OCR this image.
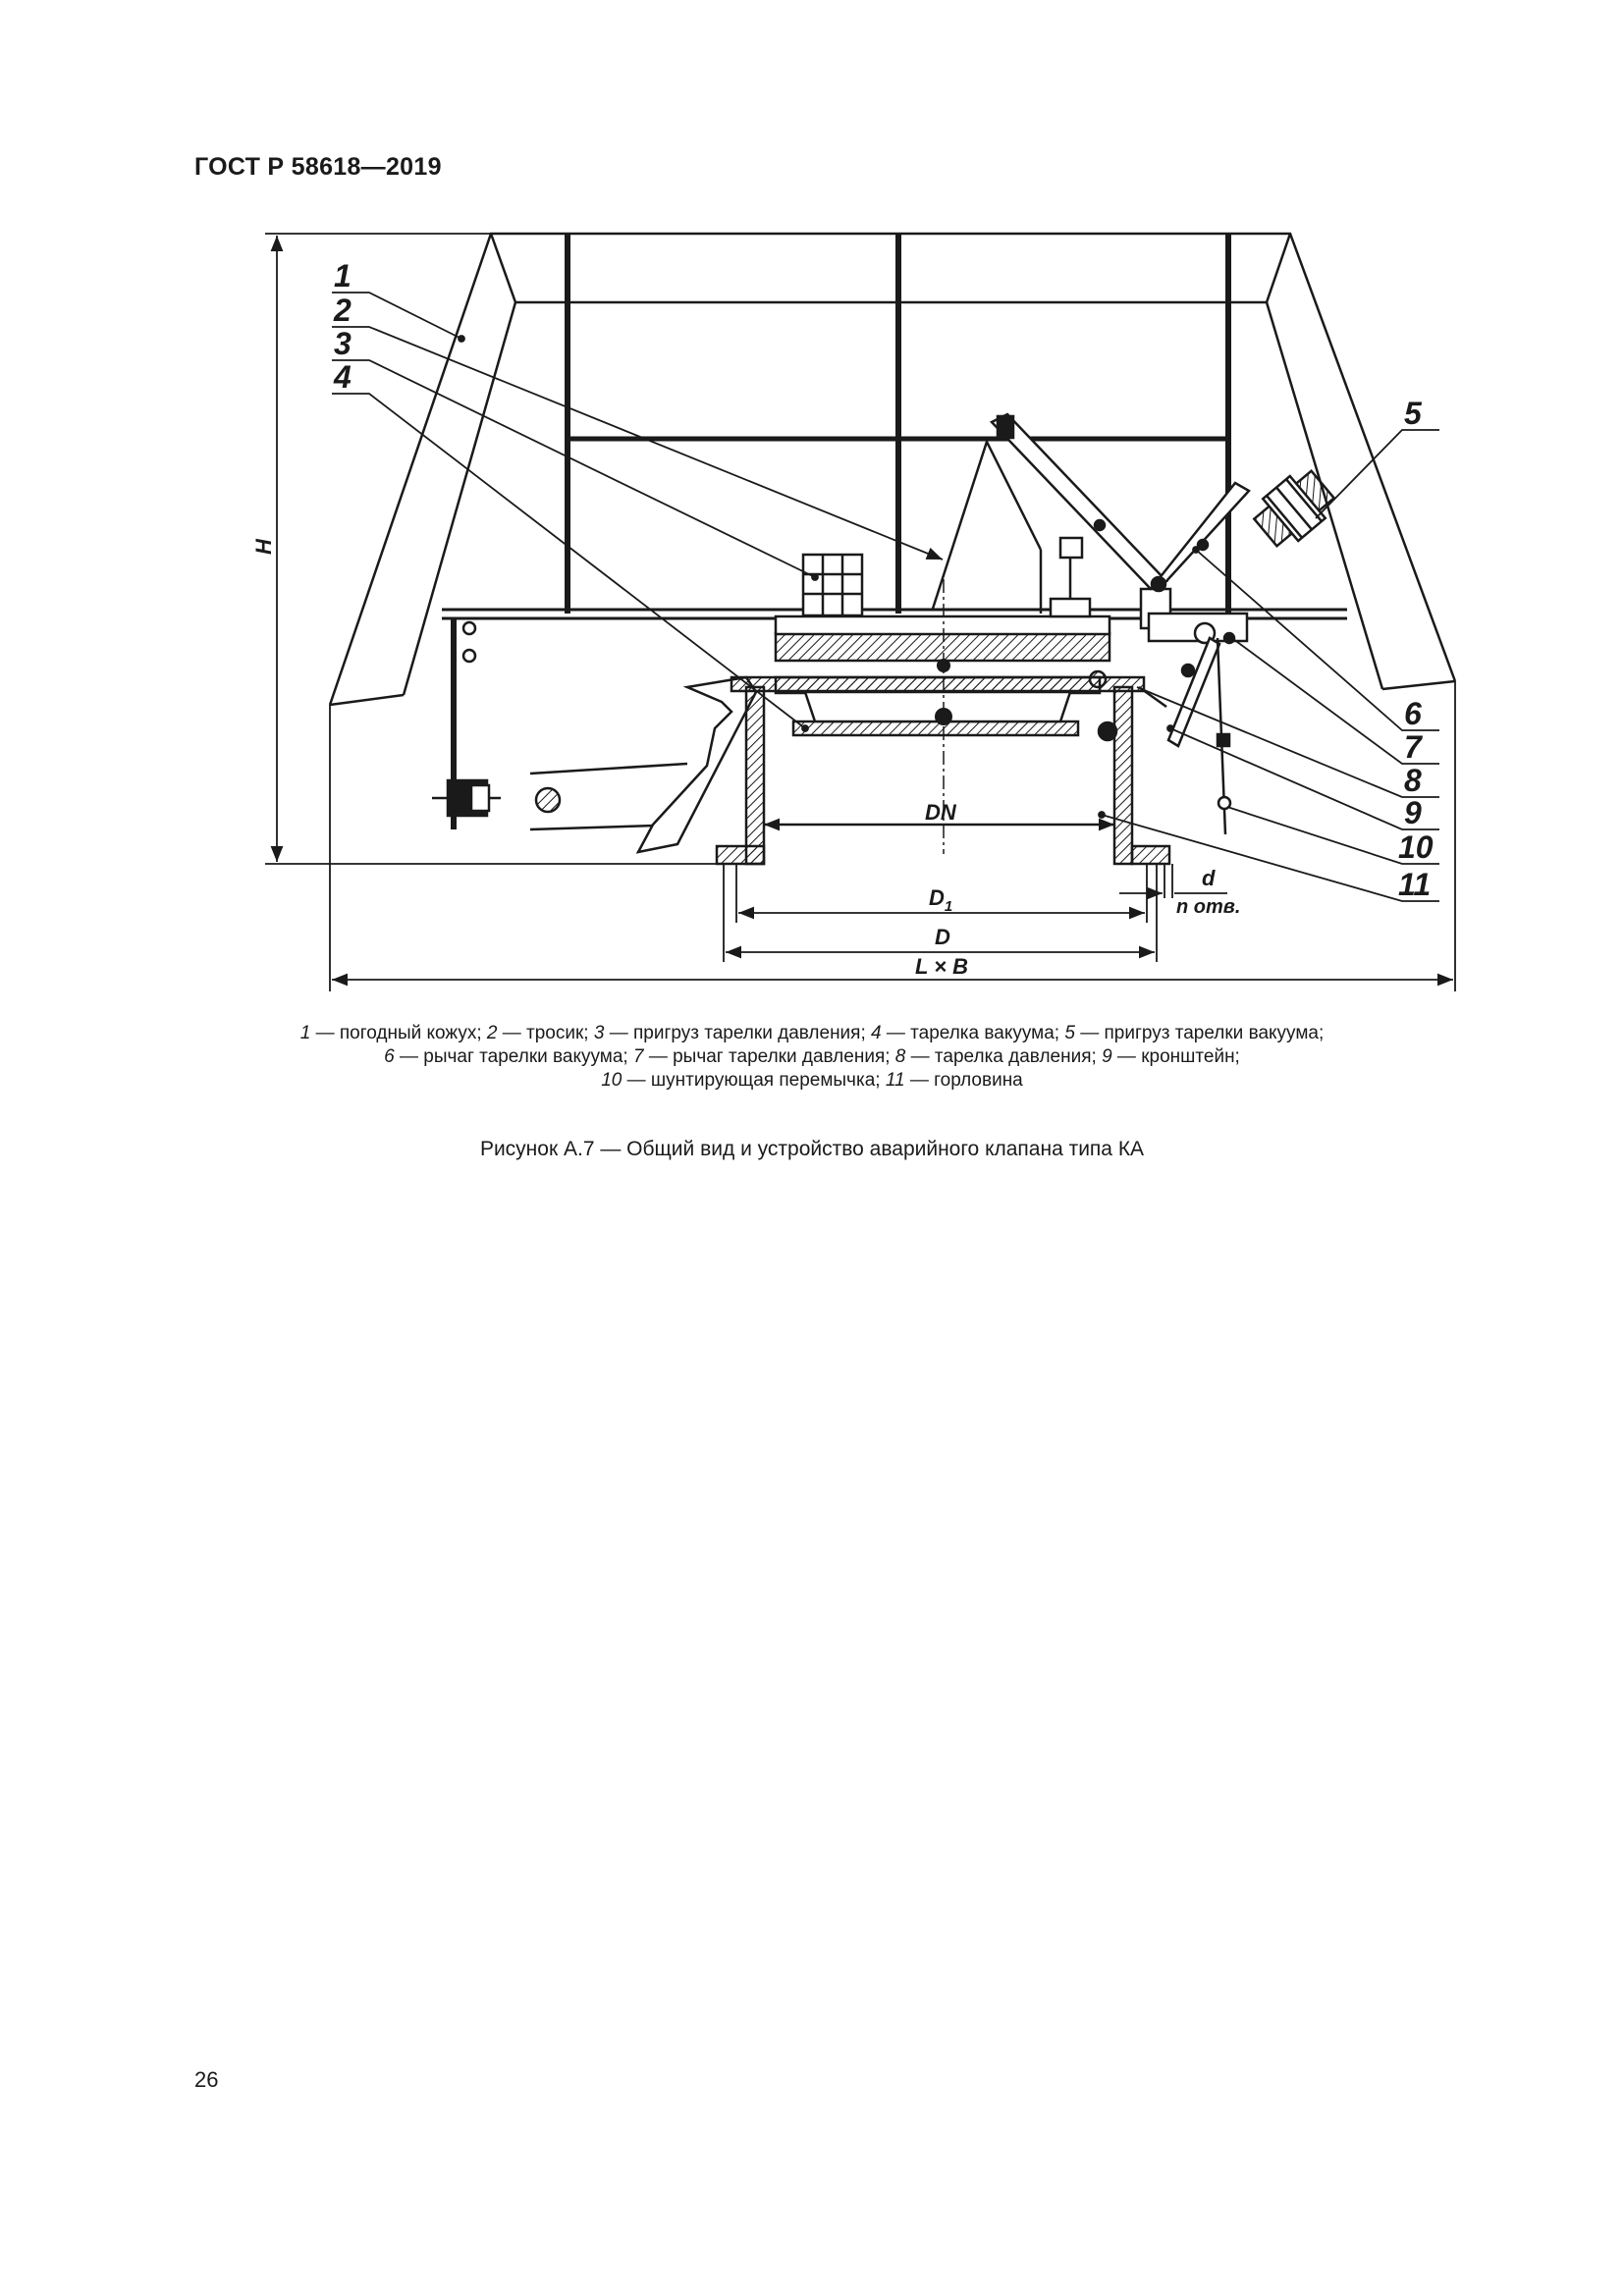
ГОСТ Р 58618—2019
1
2
3
4
5
6
7
8
9
10
11
H
DN
$D_1$
D
L × B
d
n отв.
1 — погодный кожух; 2 — тросик; 3 — пригруз тарелки давления; 4 — тарелка вакуума; 5 — пригруз тарелки вакуума;
6 — рычаг тарелки вакуума; 7 — рычаг тарелки давления; 8 — тарелка давления; 9 — кронштейн;
10 — шунтирующая перемычка; 11 — горловина
Рисунок А.7 — Общий вид и устройство аварийного клапана типа КА
26
